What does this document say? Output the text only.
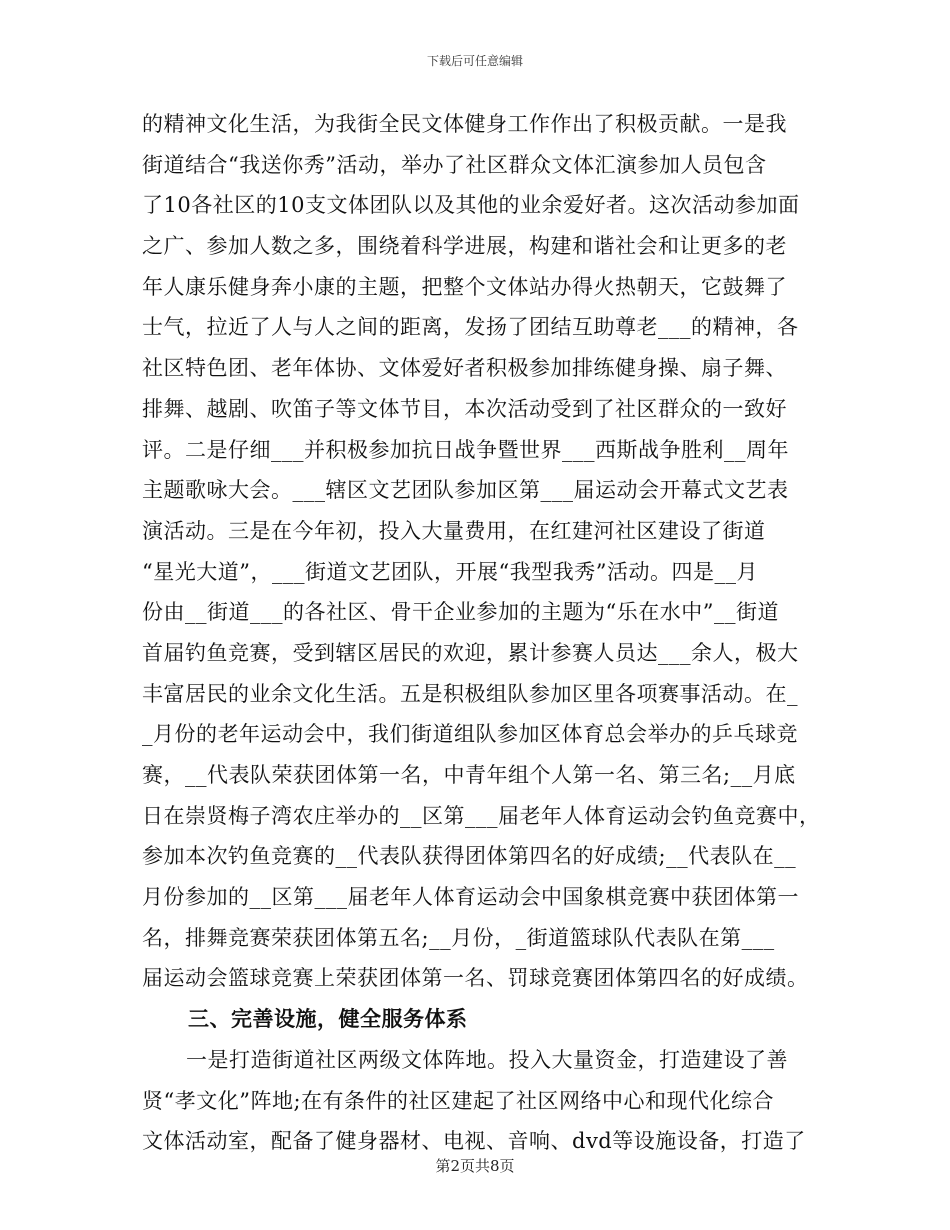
下载后可任意编辑
的精神文化生活，为我街全民文体健身工作作出了积极贡献。一是我
街道结合“我送你秀”活动，举办了社区群众文体汇演参加人员包含
了10各社区的10支文体团队以及其他的业余爱好者。这次活动参加面
之广、参加人数之多，围绕着科学进展，构建和谐社会和让更多的老
年人康乐健身奔小康的主题，把整个文体站办得火热朝天，它鼓舞了
士气，拉近了人与人之间的距离，发扬了团结互助尊老___的精神，各
社区特色团、老年体协、文体爱好者积极参加排练健身操、扇子舞、
排舞、越剧、吹笛子等文体节目，本次活动受到了社区群众的一致好
评。二是仔细___并积极参加抗日战争暨世界___西斯战争胜利__周年
主题歌咏大会。___辖区文艺团队参加区第___届运动会开幕式文艺表
演活动。三是在今年初，投入大量费用，在红建河社区建设了街道
“星光大道”，___街道文艺团队，开展“我型我秀”活动。四是__月
份由__街道___的各社区、骨干企业参加的主题为“乐在水中”__街道
首届钓鱼竞赛，受到辖区居民的欢迎，累计参赛人员达___余人，极大
丰富居民的业余文化生活。五是积极组队参加区里各项赛事活动。在_
_月份的老年运动会中，我们街道组队参加区体育总会举办的乒乓球竞
赛，__代表队荣获团体第一名，中青年组个人第一名、第三名;__月底
日在崇贤梅子湾农庄举办的__区第___届老年人体育运动会钓鱼竞赛中，
参加本次钓鱼竞赛的__代表队获得团体第四名的好成绩;__代表队在__
月份参加的__区第___届老年人体育运动会中国象棋竞赛中获团体第一
名，排舞竞赛荣获团体第五名;__月份，_街道篮球队代表队在第___
届运动会篮球竞赛上荣获团体第一名、罚球竞赛团体第四名的好成绩。
三、完善设施，健全服务体系
一是打造街道社区两级文体阵地。投入大量资金，打造建设了善
贤“孝文化”阵地;在有条件的社区建起了社区网络中心和现代化综合
文体活动室，配备了健身器材、电视、音响、dvd等设施设备，打造了
第2页共8页
